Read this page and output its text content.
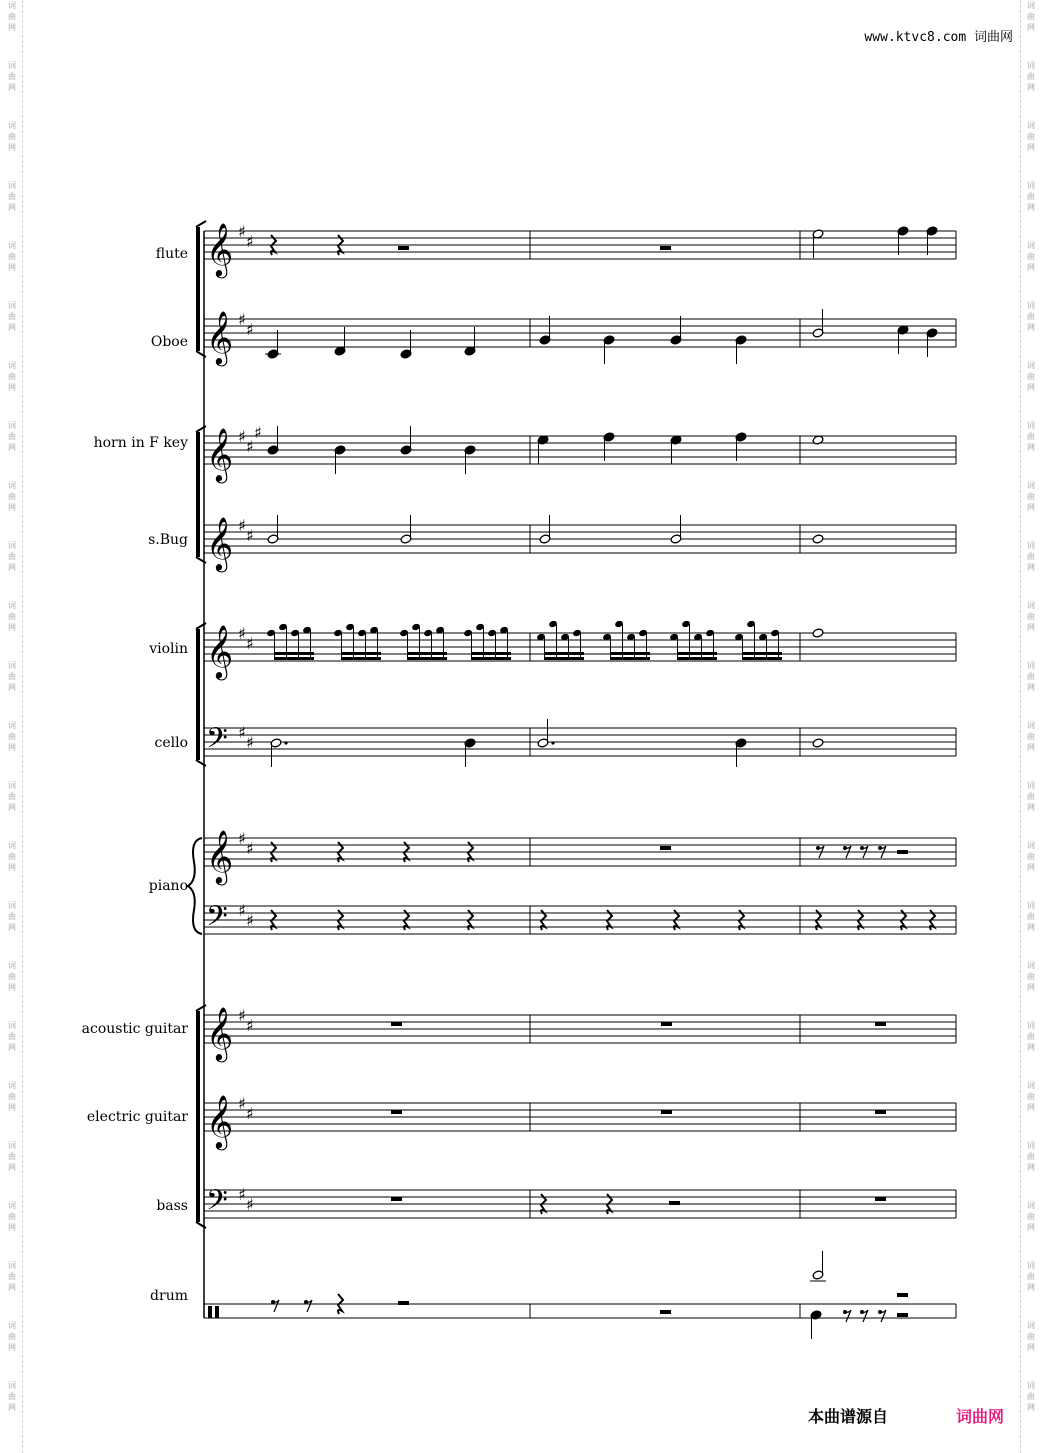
www.ktvc8.com 词曲网
词
曲
网
词
曲
网
词
曲
网
词
曲
网
词
曲
网
词
曲
网
词
曲
网
词
曲
网
词
曲
网
词
曲
网
词
曲
网
词
曲
网
词
曲
网
词
曲
网
词
曲
网
词
曲
网
词
曲
网
词
曲
网
词
曲
网
词
曲
网
词
曲
网
词
曲
网
词
曲
网
词
曲
网
词
曲
网
词
曲
网
词
曲
网
词
曲
网
词
曲
网
词
曲
网
词
曲
网
词
曲
网
词
曲
网
词
曲
网
词
曲
网
词
曲
网
词
曲
网
词
曲
网
词
曲
网
词
曲
网
词
曲
网
词
曲
网
词
曲
网
词
曲
网
词
曲
网
词
曲
网
词
曲
网
词
曲
网
flute
Oboe
horn in F key
s.Bug
violin
cello
piano
acoustic guitar
electric guitar
bass
drum
𝄞 ♯
♯
𝄞 ♯
♯
𝄞 ♯
♯
♯
𝄞 ♯
♯
𝄞 ♯
♯
𝄢 ♯
♯
𝄞 ♯
♯
𝄢 ♯
♯
𝄞 ♯
♯
𝄞 ♯
♯
𝄢 ♯
♯
本曲谱源自	词曲网
